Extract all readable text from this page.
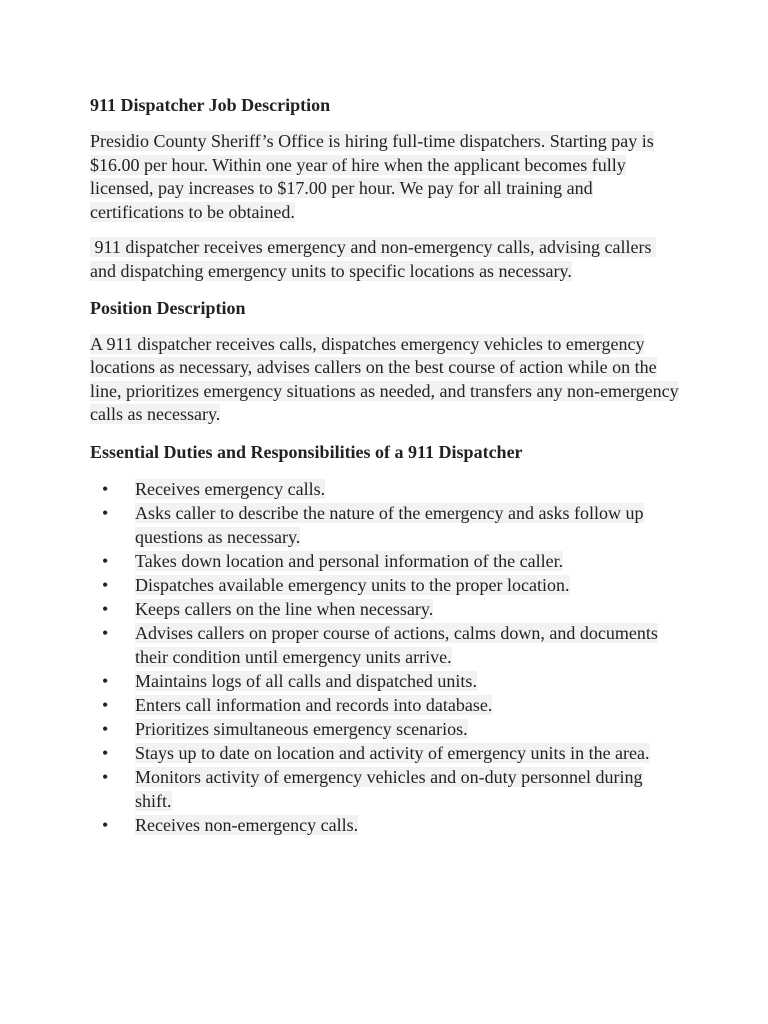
911 Dispatcher Job Description

Presidio County Sheriff’s Office is hiring full-time dispatchers. Starting pay is $16.00 per hour. Within one year of hire when the applicant becomes fully licensed, pay increases to $17.00 per hour. We pay for all training and certifications to be obtained.

911 dispatcher receives emergency and non-emergency calls, advising callers and dispatching emergency units to specific locations as necessary.

Position Description

A 911 dispatcher receives calls, dispatches emergency vehicles to emergency locations as necessary, advises callers on the best course of action while on the line, prioritizes emergency situations as needed, and transfers any non-emergency calls as necessary.

Essential Duties and Responsibilities of a 911 Dispatcher
• Receives emergency calls.
• Asks caller to describe the nature of the emergency and asks follow up questions as necessary.
• Takes down location and personal information of the caller.
• Dispatches available emergency units to the proper location.
• Keeps callers on the line when necessary.
• Advises callers on proper course of actions, calms down, and documents their condition until emergency units arrive.
• Maintains logs of all calls and dispatched units.
• Enters call information and records into database.
• Prioritizes simultaneous emergency scenarios.
• Stays up to date on location and activity of emergency units in the area.
• Monitors activity of emergency vehicles and on-duty personnel during shift.
• Receives non-emergency calls.
